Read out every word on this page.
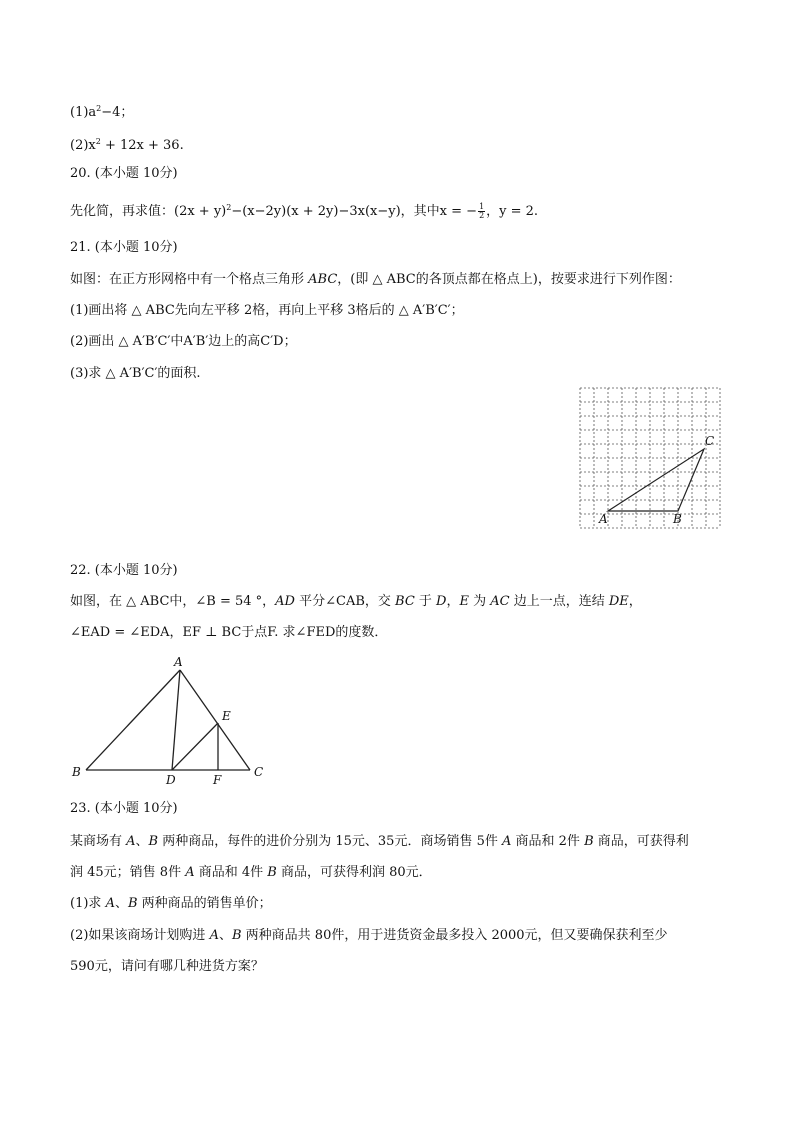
$(1)a^2-4$；
$(2)x^2 + 12x + 36$.
20. (本小题 10分)
先化简，再求值：$(2x + y)^2-(x-2y)(x + 2y)-3x(x-y)$，其中x = − $\frac{1}{2}$ ，y = 2.
21. (本小题 10分)
如图：在正方形网格中有一个格点三角形 ABC，(即 △ ABC的各顶点都在格点上)，按要求进行下列作图：
(1)画出将 △ ABC先向左平移 2格，再向上平移 3格后的 △ A′B′C′；
(2)画出 △ A′B′C′中A′B′边上的高C′D；
(3)求 △ A′B′C′的面积.
A	B
C
22. (本小题 10分)
如图，在 △ ABC中，∠B = 54 °，AD 平分∠CAB，交 BC 于 D，E 为 AC 边上一点，连结 DE，
∠EAD = ∠EDA，EF ⊥ BC于点F. 求∠FED的度数．
A
B	C
D
E
F
23. (本小题 10分)
某商场有 A、B 两种商品，每件的进价分别为 15元、35元．商场销售 5件 A 商品和 2件 B 商品，可获得利
润 45元；销售 8件 A 商品和 4件 B 商品，可获得利润 80元．
(1)求 A、B 两种商品的销售单价；
(2)如果该商场计划购进 A、B 两种商品共 80件，用于进货资金最多投入 2000元，但又要确保获利至少
590元，请问有哪几种进货方案？
